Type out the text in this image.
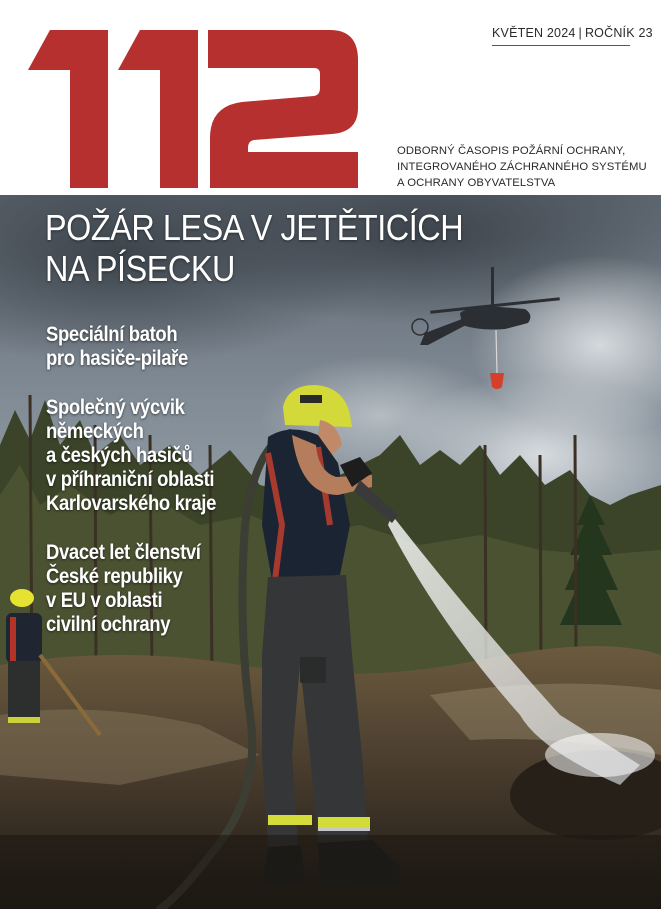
KVĚTEN 2024 | ROČNÍK 23
ODBORNÝ ČASOPIS POŽÁRNÍ OCHRANY,
INTEGROVANÉHO ZÁCHRANNÉHO SYSTÉMU
A OCHRANY OBYVATELSTVA
POŽÁR LESA V JETĚTICÍCH
NA PÍSECKU
Speciální batoh
pro hasiče-pilaře
Společný výcvik
německých
a českých hasičů
v příhraniční oblasti
Karlovarského kraje
Dvacet let členství
České republiky
v EU v oblasti
civilní ochrany
